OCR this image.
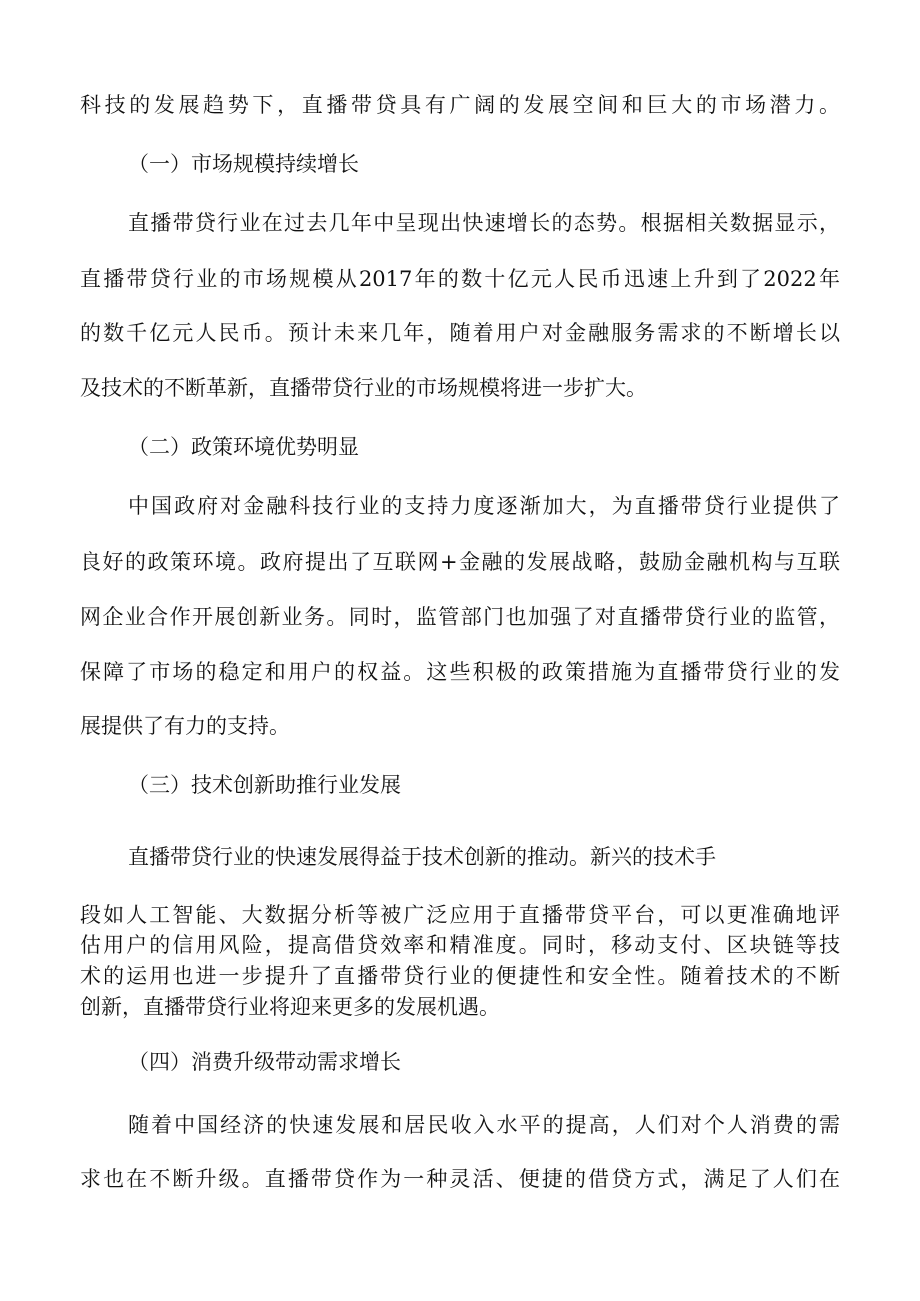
科技的发展趋势下，直播带贷具有广阔的发展空间和巨大的市场潜力。
（一）市场规模持续增长
直播带贷行业在过去几年中呈现出快速增长的态势。根据相关数据显示，
直播带贷行业的市场规模从2017年的数十亿元人民币迅速上升到了2022年
的数千亿元人民币。预计未来几年，随着用户对金融服务需求的不断增长以
及技术的不断革新，直播带贷行业的市场规模将进一步扩大。
（二）政策环境优势明显
中国政府对金融科技行业的支持力度逐渐加大，为直播带贷行业提供了
良好的政策环境。政府提出了互联网+金融的发展战略，鼓励金融机构与互联
网企业合作开展创新业务。同时，监管部门也加强了对直播带贷行业的监管，
保障了市场的稳定和用户的权益。这些积极的政策措施为直播带贷行业的发
展提供了有力的支持。
（三）技术创新助推行业发展
直播带贷行业的快速发展得益于技术创新的推动。新兴的技术手
段如人工智能、大数据分析等被广泛应用于直播带贷平台，可以更准确地评
估用户的信用风险，提高借贷效率和精准度。同时，移动支付、区块链等技
术的运用也进一步提升了直播带贷行业的便捷性和安全性。随着技术的不断
创新，直播带贷行业将迎来更多的发展机遇。
（四）消费升级带动需求增长
随着中国经济的快速发展和居民收入水平的提高，人们对个人消费的需
求也在不断升级。直播带贷作为一种灵活、便捷的借贷方式，满足了人们在
